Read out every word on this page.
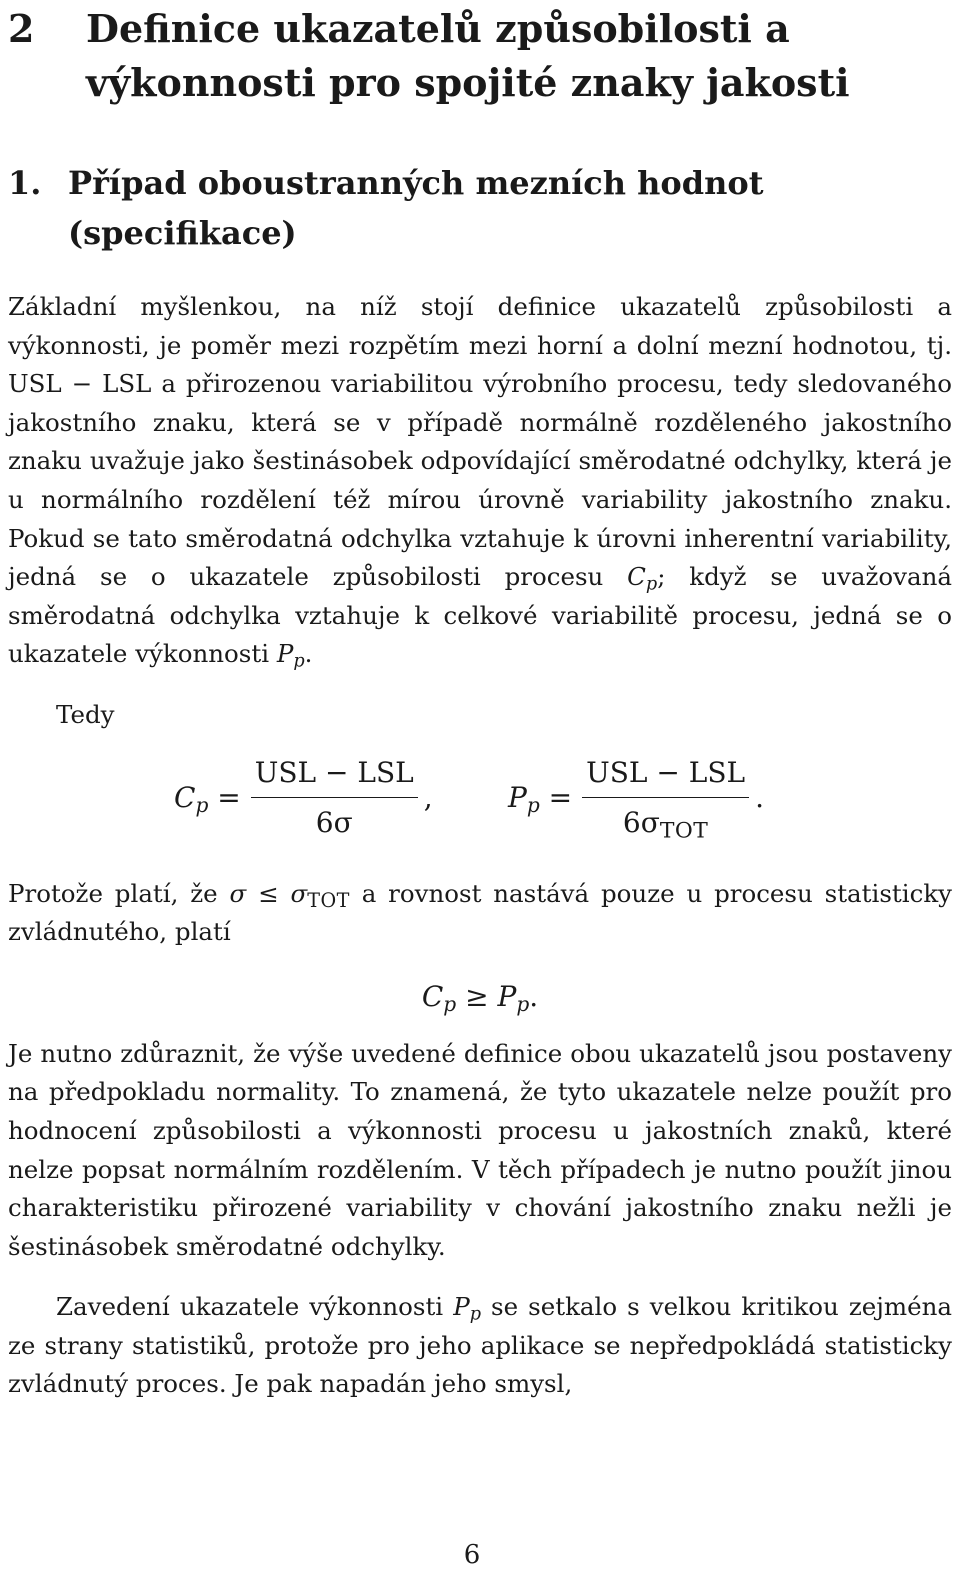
2	Definice ukazatelů způsobilosti a výkonnosti pro spojité znaky jakosti
1. Případ oboustranných mezních hodnot (specifikace)

Základní myšlenkou, na níž stojí definice ukazatelů způsobilosti a výkonnosti, je poměr mezi rozpětím mezi horní a dolní mezní hodnotou, tj. USL − LSL a přirozenou variabilitou výrobního procesu, tedy sledovaného jakostního znaku, která se v případě normálně rozděleného jakostního znaku uvažuje jako šestinásobek odpovídající směrodatné odchylky, která je u normálního rozdělení též mírou úrovně variability jakostního znaku. Pokud se tato směrodatná odchylka vztahuje k úrovni inherentní variability, jedná se o ukazatele způsobilosti procesu $C_p$; když se uvažovaná směrodatná odchylka vztahuje k celkové variabilitě procesu, jedná se o ukazatele výkonnosti $P_p$.

Tedy

$C_p = \frac{\text{USL − LSL}}{6\sigma}$ ,	$P_p = \frac{\text{USL − LSL}}{6\sigma_{TOT}}$ .

Protože platí, že $\sigma \le \sigma_{TOT}$ a rovnost nastává pouze u procesu statisticky zvládnutého, platí

$C_p \ge P_p$.

Je nutno zdůraznit, že výše uvedené definice obou ukazatelů jsou postaveny na předpokladu normality. To znamená, že tyto ukazatele nelze použít pro hodnocení způsobilosti a výkonnosti procesu u jakostních znaků, které nelze popsat normálním rozdělením. V těch případech je nutno použít jinou charakteristiku přirozené variability v chování jakostního znaku nežli je šestinásobek směrodatné odchylky.

Zavedení ukazatele výkonnosti $P_p$ se setkalo s velkou kritikou zejména ze strany statistiků, protože pro jeho aplikace se nepředpokládá statisticky zvládnutý proces. Je pak napadán jeho smysl,

6
